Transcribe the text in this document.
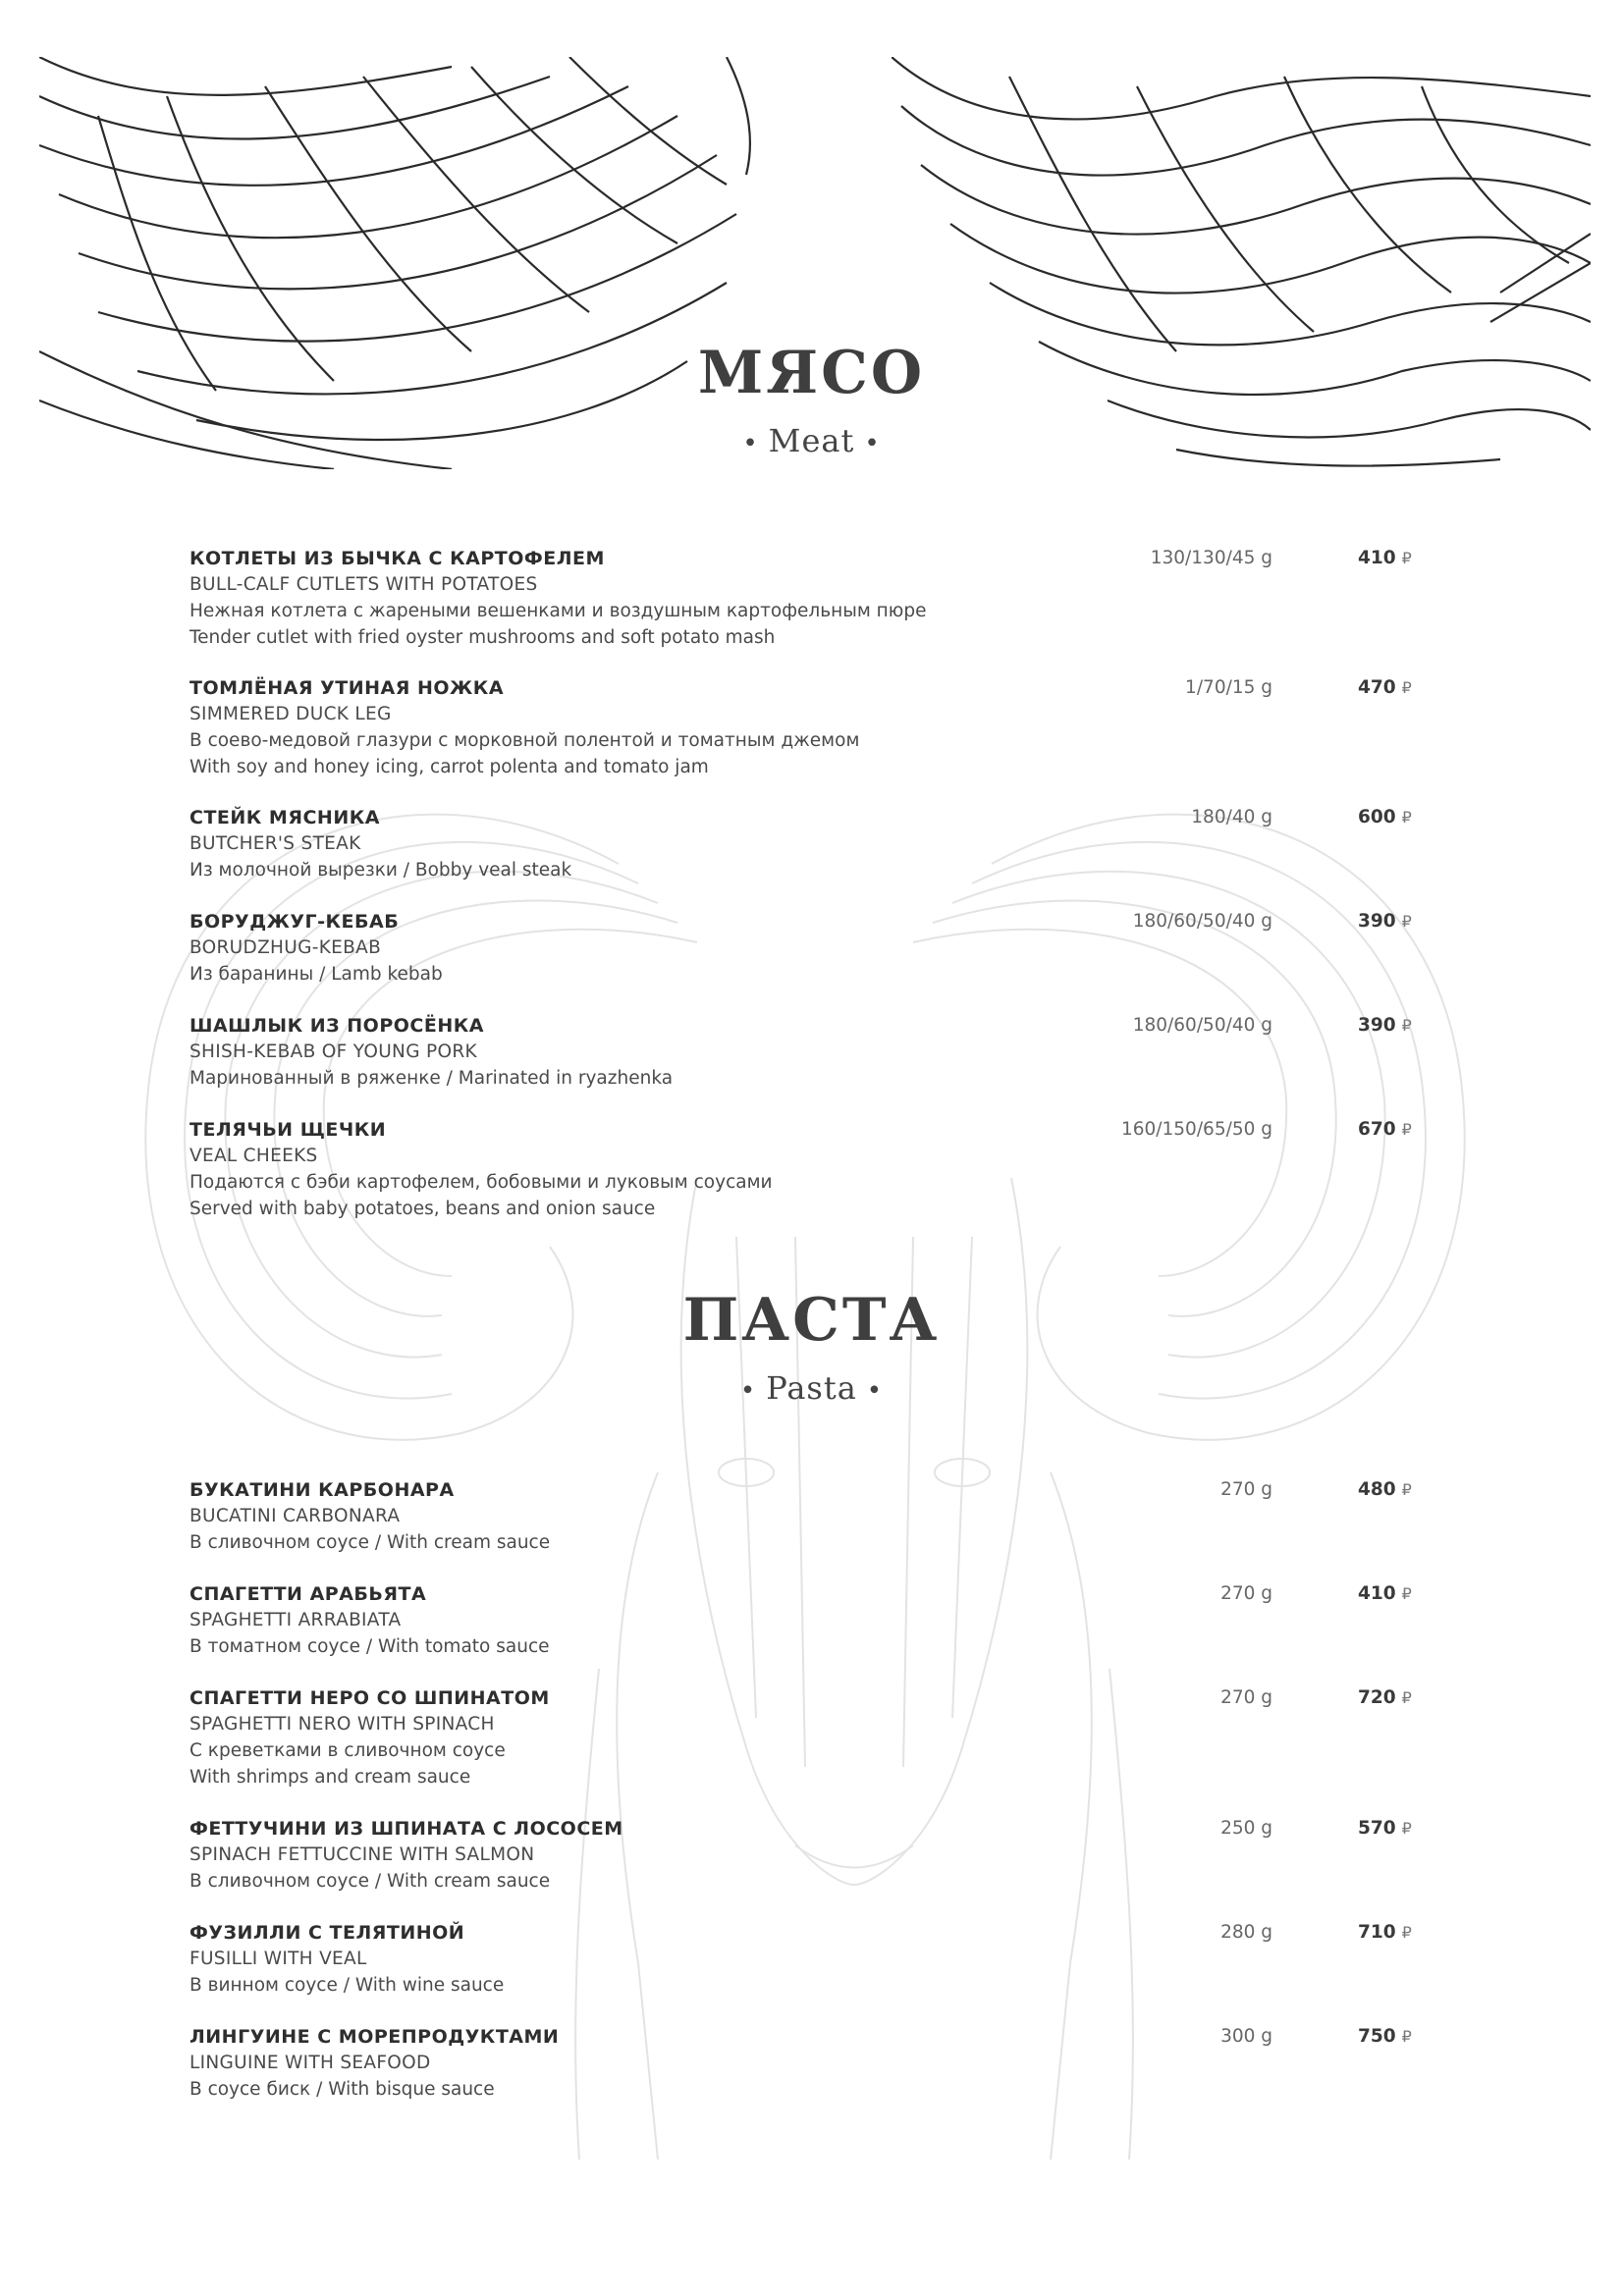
МЯСО
• Meat •
КОТЛЕТЫ ИЗ БЫЧКА С КАРТОФЕЛЕМ
BULL-CALF CUTLETS WITH POTATOES
Нежная котлета с жареными вешенками и воздушным картофельным пюре
Tender cutlet with fried oyster mushrooms and soft potato mash
130/130/45 g	410 ₽
ТОМЛЁНАЯ УТИНАЯ НОЖКА
SIMMERED DUCK LEG
В соево-медовой глазури с морковной полентой и томатным джемом
With soy and honey icing, carrot polenta and tomato jam
1/70/15 g	470 ₽
СТЕЙК МЯСНИКА
BUTCHER'S STEAK
Из молочной вырезки / Bobby veal steak
180/40 g	600 ₽
БОРУДЖУГ-КЕБАБ
BORUDZHUG-KEBAB
Из баранины / Lamb kebab
180/60/50/40 g	390 ₽
ШАШЛЫК ИЗ ПОРОСЁНКА
SHISH-KEBAB OF YOUNG PORK
Маринованный в ряженке / Marinated in ryazhenka
180/60/50/40 g	390 ₽
ТЕЛЯЧЬИ ЩЕЧКИ
VEAL CHEEKS
Подаются с бэби картофелем, бобовыми и луковым соусами
Served with baby potatoes, beans and onion sauce
160/150/65/50 g	670 ₽
ПАСТА
• Pasta •
БУКАТИНИ КАРБОНАРА
BUCATINI CARBONARA
В сливочном соусе / With cream sauce
270 g	480 ₽
СПАГЕТТИ АРАБЬЯТА
SPAGHETTI ARRABIATA
В томатном соусе / With tomato sauce
270 g	410 ₽
СПАГЕТТИ НЕРО СО ШПИНАТОМ
SPAGHETTI NERO WITH SPINACH
С креветками в сливочном соусе
With shrimps and cream sauce
270 g	720 ₽
ФЕТТУЧИНИ ИЗ ШПИНАТА С ЛОСОСЕМ
SPINACH FETTUCCINE WITH SALMON
В сливочном соусе / With cream sauce
250 g	570 ₽
ФУЗИЛЛИ С ТЕЛЯТИНОЙ
FUSILLI WITH VEAL
В винном соусе / With wine sauce
280 g	710 ₽
ЛИНГУИНЕ С МОРЕПРОДУКТАМИ
LINGUINE WITH SEAFOOD
В соусе биск / With bisque sauce
300 g	750 ₽
